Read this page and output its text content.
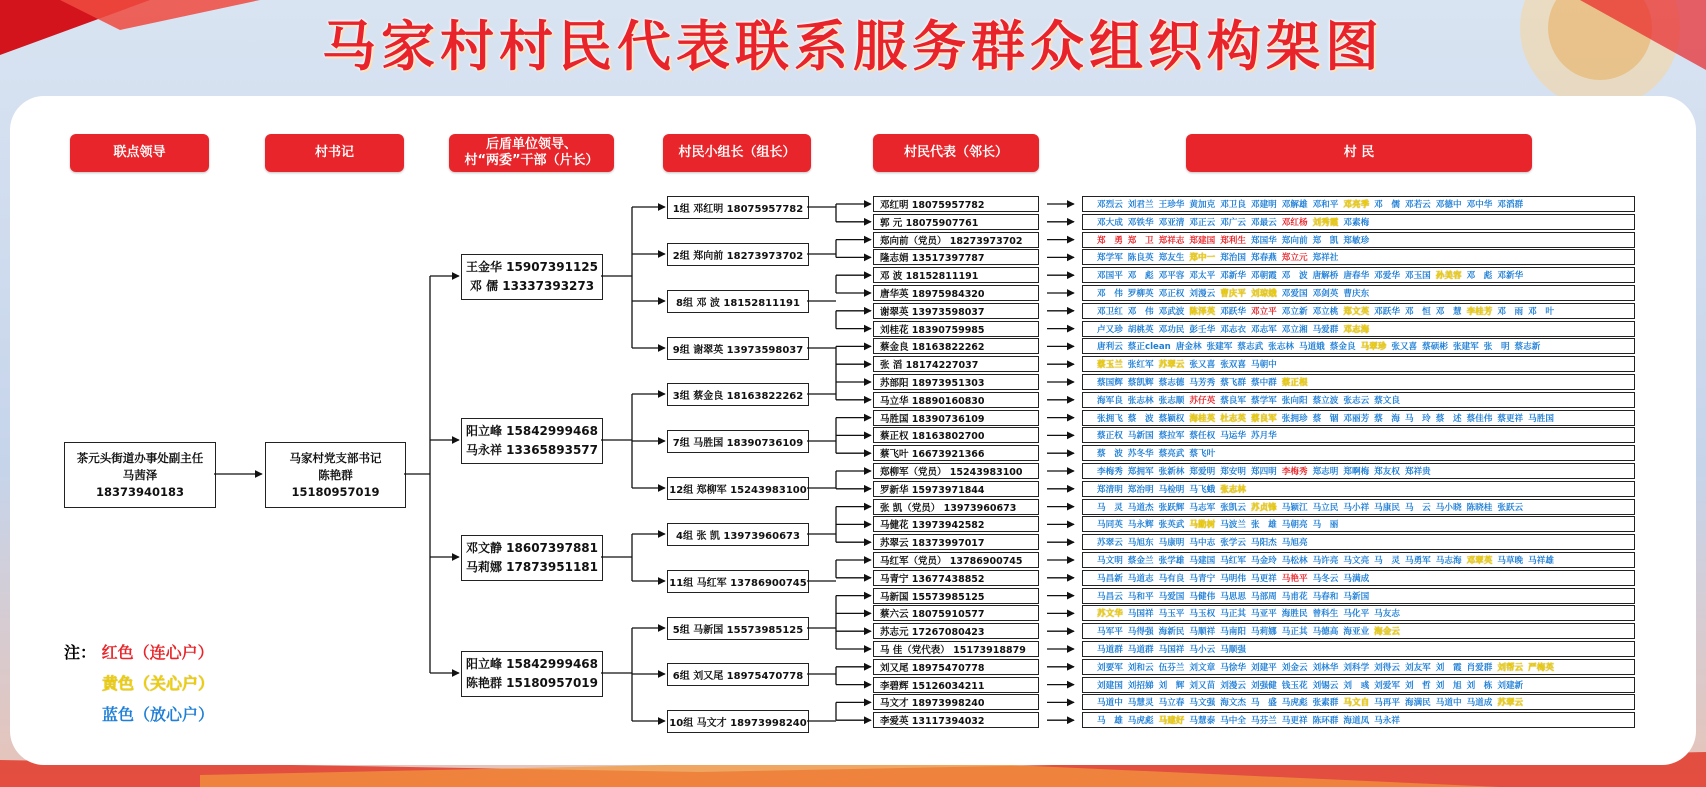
马家村村民代表联系服务群众组织构架图
联点领导	村书记
后盾单位领导、
村“两委”干部（片长）
村民小组长（组长）	村民代表（邻长）	村 民
茶元头街道办事处副主任
马茜泽
18373940183
马家村党支部书记
陈艳群
15180957019
王金华 15907391125
邓 儒 13337393273
阳立峰 15842999468
马永祥 13365893577
邓文静 18607397881
马莉娜 17873951181
阳立峰 15842999468
陈艳群 15180957019
1组 邓红明 18075957782
2组 郑向前 18273973702
8组 邓 波 18152811191
9组 谢翠英 13973598037
3组 蔡金良 18163822262
7组 马胜国 18390736109
12组 郑柳军 15243983100
4组 张 凯 13973960673
11组 马红军 13786900745
5组 马新国 15573985125
6组 刘又尾 18975470778
10组 马文才 18973998240
邓红明 18075957782
郭 元 18075907761
郑向前（党员） 18273973702
隆志娟 13517397787
邓 波 18152811191
唐华英 18975984320
谢翠英 13973598037
刘桂花 18390759985
蔡金良 18163822262
张 滔 18174227037
苏部阳 18973951303
马立华 18890160830
马胜国 18390736109
蔡正权 18163802700
蔡飞叶 16673921366
郑柳军（党员） 15243983100
罗新华 15973971844
张 凯（党员） 13973960673
马健花 13973942582
苏翠云 18373997017
马红军（党员） 13786900745
马青宁 13677438852
马新国 15573985125
蔡六云 18075910577
苏志元 17267080423
马 佳（党代表） 15173918879
刘又尾 18975470778
李碧辉 15126034211
马文才 18973998240
李爱英 13117394032
邓烈云 刘君兰 王珍华 黄加克 邓卫良 邓建明 邓解雄 邓和平 邓亮季 邓　儒 邓若云 邓德中 邓中华 邓滔群
邓大成 邓铁华 邓亚清 邓正云 邓广云 邓最云 邓红杨 刘秀霞 邓素梅
郑　勇 郑　卫 郑祥志 郑建国 郑利生 郑国华 郑向前 郑　凯 郑敏珍
郑学军 陈良英 郑友生 郑中一 郑治国 郑春燕 郑立元 郑祥社
邓国平 邓　彪 邓平容 邓太平 邓新华 邓朝霞 邓　波 唐解桥 唐春华 邓爱华 邓玉国 孙美容 邓　彪 邓新华
邓　伟 罗柳英 邓正权 刘漫云 曹庆平 刘琼娥 邓爱国 邓剑英 曹庆东
邓卫红 邓　伟 邓武波 陈泽英 邓跃华 邓立平 邓立新 邓立桃 郑文英 邓跃华 邓　恒 邓　慧 李桂芳 邓　雨 邓　叶
卢又珍 胡桃英 邓功民 彭壬华 邓志衣 邓志军 邓立湘 马爱群 邓志海
唐利云 蔡正clean 唐金林 张建军 蔡志武 张志林 马道娥 蔡金良 马翠珍 张又喜 蔡硕彬 张建军 张　明 蔡志新
蔡玉兰 张红军 苏翠云 张又喜 张双喜 马朝中
蔡国辉 蔡凯辉 蔡志德 马芳秀 蔡飞群 蔡中群 蔡正根
海军良 张志林 张志顺 苏仔英 蔡良军 蔡学军 张向阳 蔡立波 张志云 蔡文良
张拥飞 蔡　波 蔡颖权 海桂英 杜志英 蔡良军 张拥珍 蔡　锢 邓丽芳 蔡　海 马　玲 蔡　述 蔡佳伟 蔡更祥 马胜国
蔡正权 马新国 蔡拉军 蔡任权 马运华 苏月华
蔡　波 苏冬华 蔡亮武 蔡飞叶
李梅秀 郑拥军 张新林 郑爱明 郑安明 郑四明 李梅秀 郑志明 郑啊梅 郑友权 郑祥贵
郑清明 郑治明 马检明 马飞蛾 张志林
马　灵 马道杰 张跃辉 马志军 张凯云 苏贞锋 马颖江 马立民 马小祥 马康民 马　云 马小晓 陈晓桂 张跃云
马同英 马永辉 张英武 马勤树 马波兰 张　雄 马朝亮 马　丽
苏翠云 马旭东 马康明 马中志 张学云 马阳杰 马旭亮
马文明 蔡金兰 张学雄 马建国 马红军 马金玲 马松林 马许亮 马文亮 马　灵 马勇军 马志海 邓翠英 马草晚 马祥雄
马昌新 马道志 马有良 马青宁 马明伟 马更祥 马艳平 马冬云 马满成
马昌云 马和平 马爱国 马健伟 马思思 马部周 马甫花 马春和 马新国
苏文华 马国祥 马玉平 马玉权 马正其 马亚平 海胜民 曾科生 马化平 马友志
马军平 马得强 海新民 马顺祥 马南阳 马莉娜 马正其 马德高 海亚业 海金云
马道群 马道群 马国祥 马小云 马顺强
刘要军 刘和云 伍芬兰 刘文章 马徐华 刘建平 刘金云 刘林华 刘科学 刘得云 刘友军 刘　霞 肖爱群 刘帮云 严梅英
刘建国 刘招娣 刘　辉 刘又苗 刘漫云 刘强健 钱玉花 刘锡云 刘　彧 刘爱军 刘　哲 刘　旭 刘　栋 刘建新
马道中 马慧灵 马立春 马文强 海文杰 马　盛 马虎彪 张素群 马文自 马再平 海满民 马道中 马道成 苏翠云
马　雄 马虎彪 马建好 马慧泰 马中全 马芬兰 马更祥 陈环群 海道凤 马永祥
注： 红色（连心户）
黄色（关心户）
蓝色（放心户）
